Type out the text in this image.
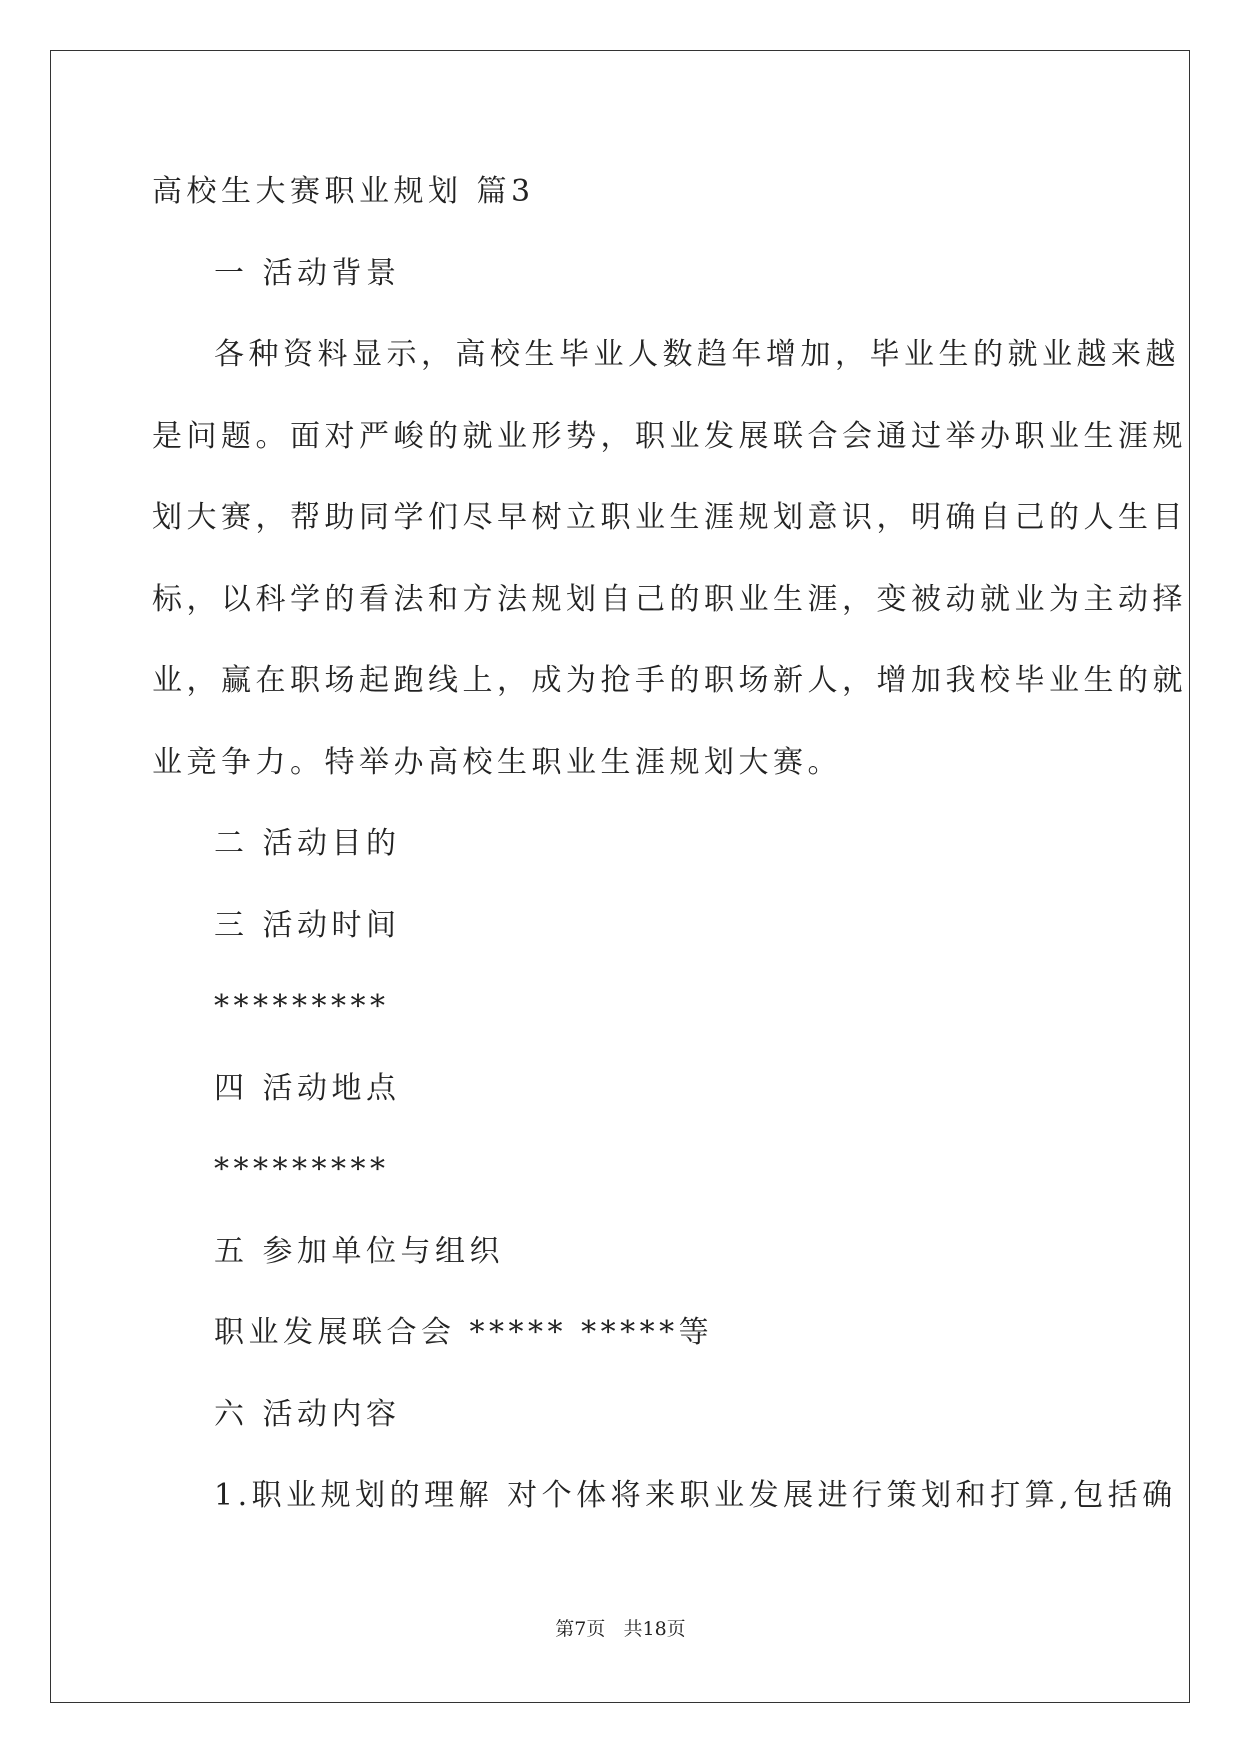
高校生大赛职业规划 篇3
一 活动背景
各种资料显示，高校生毕业人数趋年增加，毕业生的就业越来越
是问题。面对严峻的就业形势，职业发展联合会通过举办职业生涯规
划大赛，帮助同学们尽早树立职业生涯规划意识，明确自己的人生目
标，以科学的看法和方法规划自己的职业生涯，变被动就业为主动择
业，赢在职场起跑线上，成为抢手的职场新人，增加我校毕业生的就
业竞争力。特举办高校生职业生涯规划大赛。
二 活动目的
三 活动时间
*********
四 活动地点
*********
五 参加单位与组织
职业发展联合会 ***** *****等
六 活动内容
1.职业规划的理解 对个体将来职业发展进行策划和打算,包括确
第7页   共18页
